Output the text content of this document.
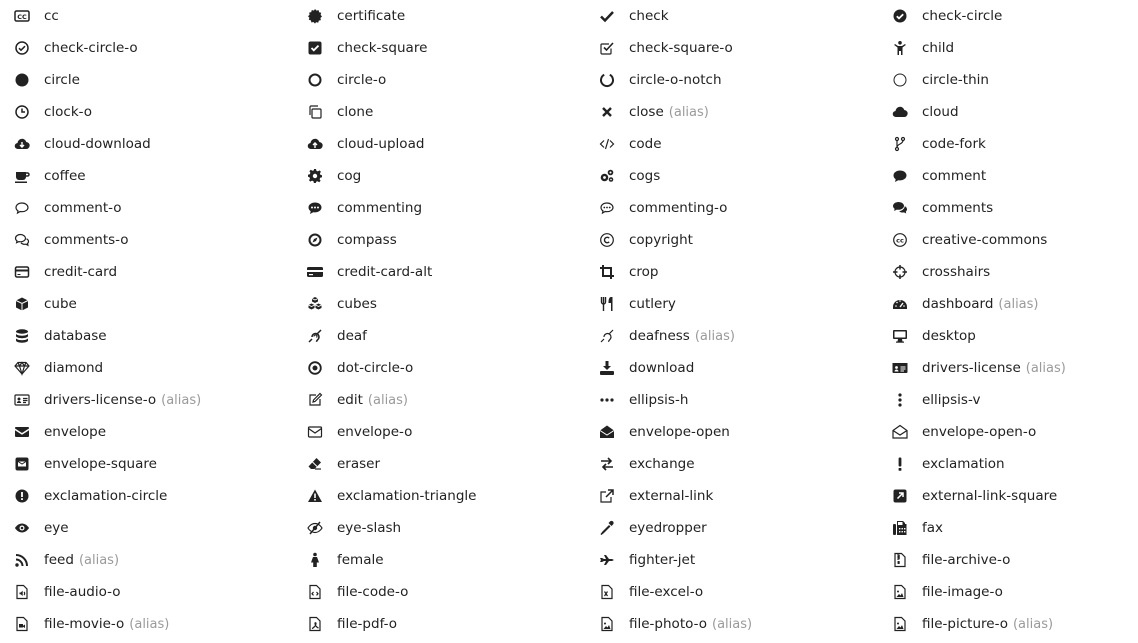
CC cc
check-circle-o
circle
clock-o
cloud-download
coffee
comment-o
comments-o
credit-card
cube
database
diamond
drivers-license-o (alias)
envelope
envelope-square
exclamation-circle
eye
feed (alias)
file-audio-o
file-movie-o (alias)
certificate
check-square
circle-o
clone
cloud-upload
cog
commenting
compass
credit-card-alt
cubes
deaf
dot-circle-o
edit (alias)
envelope-o
eraser
exclamation-triangle
eye-slash
female
file-code-o
file-pdf-o
check
check-square-o
circle-o-notch
close (alias)
code
cogs
commenting-o
copyright
crop
cutlery
deafness (alias)
download
ellipsis-h
envelope-open
exchange
external-link
eyedropper
fighter-jet
file-excel-o
file-photo-o (alias)
check-circle
child
circle-thin
cloud
code-fork
comment
comments
cc creative-commons
crosshairs
dashboard (alias)
desktop
drivers-license (alias)
ellipsis-v
envelope-open-o
exclamation
external-link-square
fax
file-archive-o
file-image-o
file-picture-o (alias)
